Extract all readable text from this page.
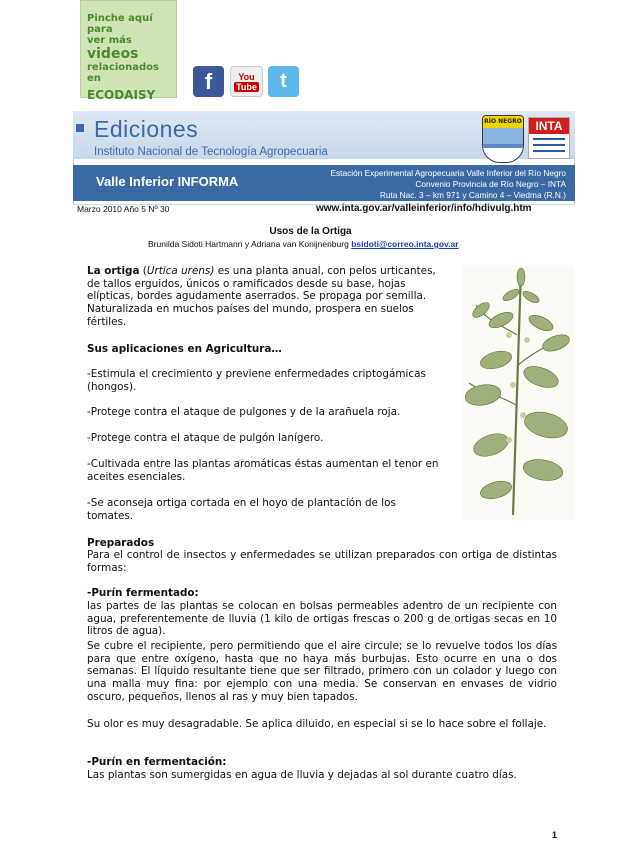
Pinche aquí para
ver más videos
relacionados en
ECODAISY
f	You
Tube t
Ediciones
Instituto Nacional de Tecnología Agropecuaria
RÍO NEGRO	INTA
Valle Inferior INFORMA
Estación Experimental Agropecuaria Valle Inferior del Río Negro
Convenio Provincia de Río Negro – INTA
Ruta Nac. 3 – km 971 y Camino 4 – Viedma (R.N.)
Marzo 2010 Año 5 Nº 30	www.inta.gov.ar/valleinferior/info/hdivulg.htm
Usos de la Ortiga
Brunilda Sidoti Hartmann y Adriana van Konijnenburg bsidoti@correo.inta.gov.ar
La ortiga (Urtica urens) es una planta anual, con pelos urticantes, de tallos erguidos, únicos o ramificados desde su base, hojas elípticas, bordes agudamente aserrados. Se propaga por semilla. Naturalizada en muchos países del mundo, prospera en suelos fértiles.
Sus aplicaciones en Agricultura…
-Estimula el crecimiento y previene enfermedades criptogámicas (hongos).
-Protege contra el ataque de pulgones y de la arañuela roja.
-Protege contra el ataque de pulgón lanígero.
-Cultivada entre las plantas aromáticas éstas aumentan el tenor en aceites esenciales.
-Se aconseja ortiga cortada en el hoyo de plantación de los tomates.
Preparados
Para el control de insectos y enfermedades se utilizan preparados con ortiga de distintas formas:
-Purín fermentado:
las partes de las plantas se colocan en bolsas permeables adentro de un recipiente con agua, preferentemente de lluvia (1 kilo de ortigas frescas o 200 g de ortigas secas en 10 litros de agua).
Se cubre el recipiente, pero permitiendo que el aire circule; se lo revuelve todos los días para que entre oxígeno, hasta que no haya más burbujas. Esto ocurre en una o dos semanas. El líquido resultante tiene que ser filtrado, primero con un colador y luego con una malla muy fina: por ejemplo con una media. Se conservan en envases de vidrio oscuro, pequeños, llenos al ras y muy bien tapados.
Su olor es muy desagradable. Se aplica diluido, en especial si se lo hace sobre el follaje.
-Purín en fermentación:
Las plantas son sumergidas en agua de lluvia y dejadas al sol durante cuatro días.
1
